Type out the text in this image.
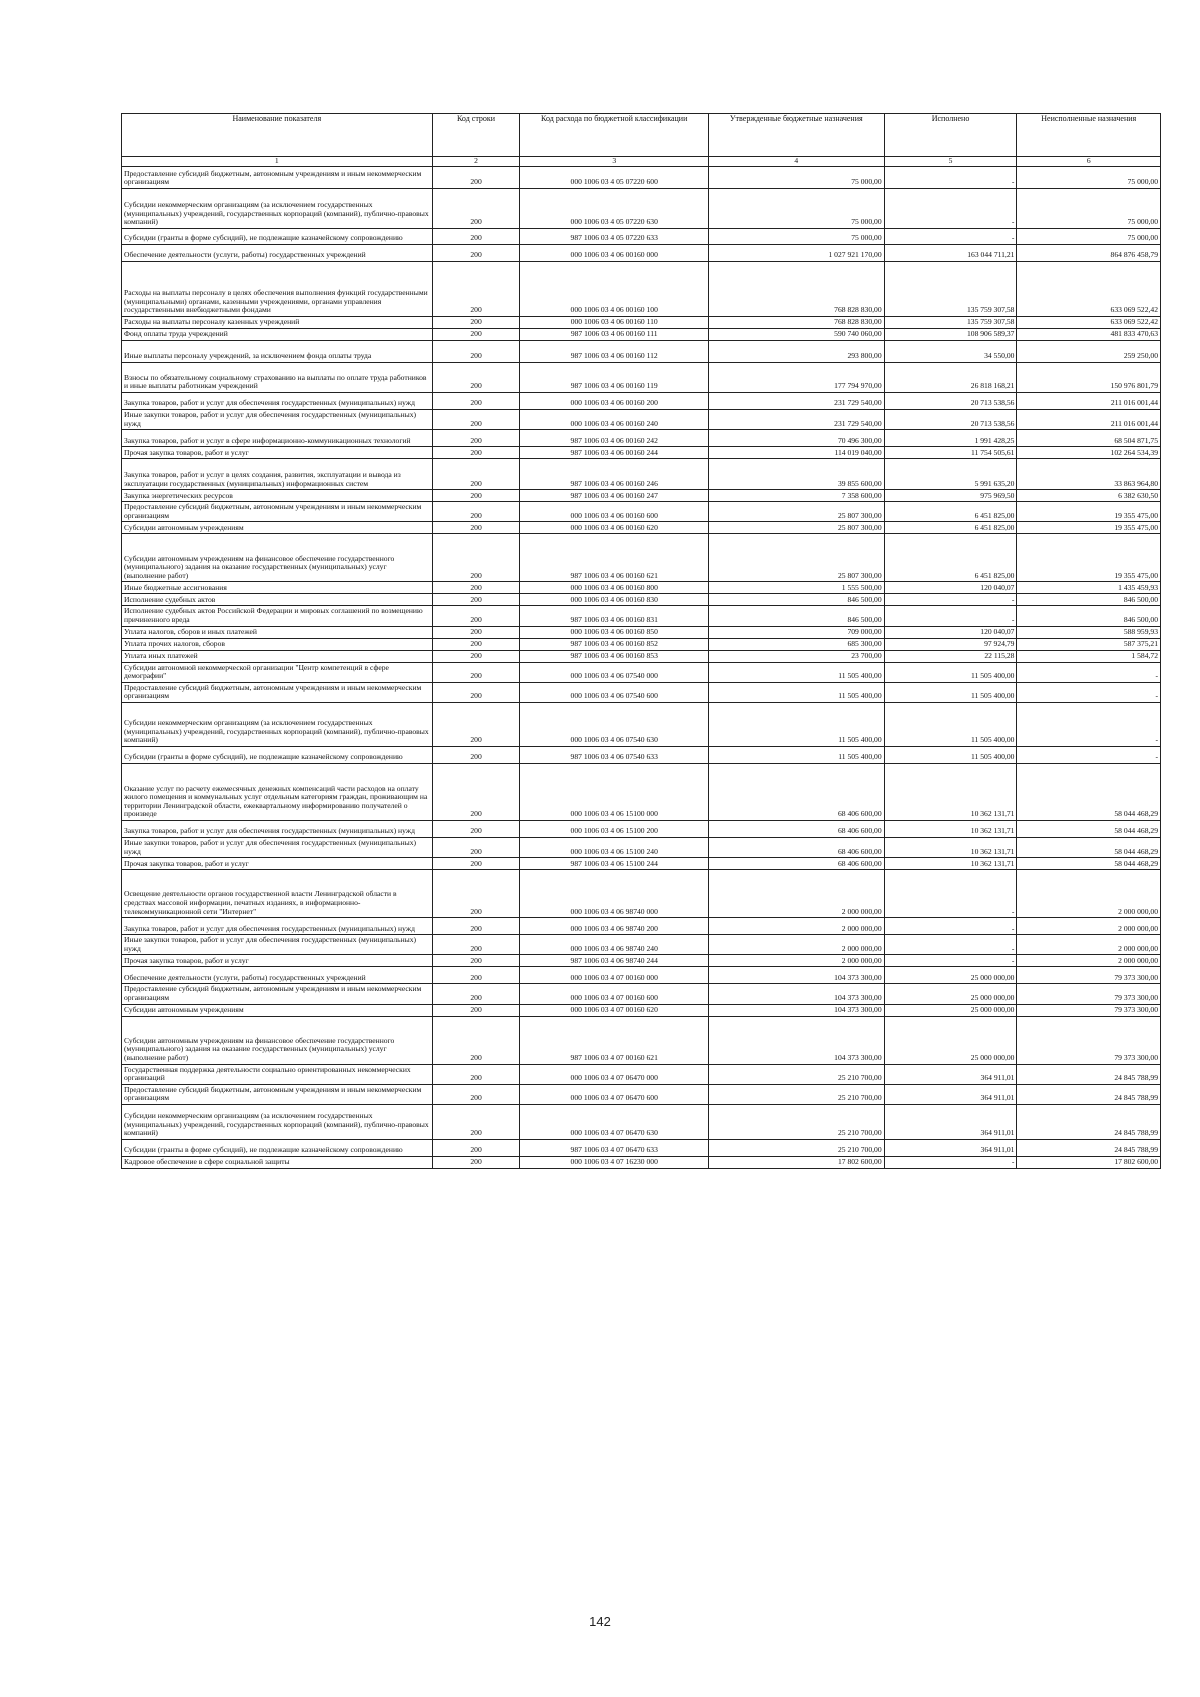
Наименование показателя	Код строки	Код расхода по бюджетной классификации	Утвержденные бюджетные назначения	Исполнено	Неисполненные назначения
1	2	3	4	5	6
Предоставление субсидий бюджетным, автономным учреждениям и иным некоммерческим организациям	200	000 1006 03 4 05 07220 600	75 000,00	-	75 000,00
Субсидии некоммерческим организациям (за исключением государственных (муниципальных) учреждений, государственных корпораций (компаний), публично-правовых компаний)	200	000 1006 03 4 05 07220 630	75 000,00	-	75 000,00
Субсидии (гранты в форме субсидий), не подлежащие казначейскому сопровождению	200	987 1006 03 4 05 07220 633	75 000,00	-	75 000,00
Обеспечение деятельности (услуги, работы) государственных учреждений	200	000 1006 03 4 06 00160 000	1 027 921 170,00	163 044 711,21	864 876 458,79
Расходы на выплаты персоналу в целях обеспечения выполнения функций государственными (муниципальными) органами, казенными учреждениями, органами управления государственными внебюджетными фондами	200	000 1006 03 4 06 00160 100	768 828 830,00	135 759 307,58	633 069 522,42
Расходы на выплаты персоналу казенных учреждений	200	000 1006 03 4 06 00160 110	768 828 830,00	135 759 307,58	633 069 522,42
Фонд оплаты труда учреждений	200	987 1006 03 4 06 00160 111	590 740 060,00	108 906 589,37	481 833 470,63
Иные выплаты персоналу учреждений, за исключением фонда оплаты труда	200	987 1006 03 4 06 00160 112	293 800,00	34 550,00	259 250,00
Взносы по обязательному социальному страхованию на выплаты по оплате труда работников и иные выплаты работникам учреждений	200	987 1006 03 4 06 00160 119	177 794 970,00	26 818 168,21	150 976 801,79
Закупка товаров, работ и услуг для обеспечения государственных (муниципальных) нужд	200	000 1006 03 4 06 00160 200	231 729 540,00	20 713 538,56	211 016 001,44
Иные закупки товаров, работ и услуг для обеспечения государственных (муниципальных) нужд	200	000 1006 03 4 06 00160 240	231 729 540,00	20 713 538,56	211 016 001,44
Закупка товаров, работ и услуг в сфере информационно-коммуникационных технологий	200	987 1006 03 4 06 00160 242	70 496 300,00	1 991 428,25	68 504 871,75
Прочая закупка товаров, работ и услуг	200	987 1006 03 4 06 00160 244	114 019 040,00	11 754 505,61	102 264 534,39
Закупка товаров, работ и услуг в целях создания, развития, эксплуатации и вывода из эксплуатации государственных (муниципальных) информационных систем	200	987 1006 03 4 06 00160 246	39 855 600,00	5 991 635,20	33 863 964,80
Закупка энергетических ресурсов	200	987 1006 03 4 06 00160 247	7 358 600,00	975 969,50	6 382 630,50
Предоставление субсидий бюджетным, автономным учреждениям и иным некоммерческим организациям	200	000 1006 03 4 06 00160 600	25 807 300,00	6 451 825,00	19 355 475,00
Субсидии автономным учреждениям	200	000 1006 03 4 06 00160 620	25 807 300,00	6 451 825,00	19 355 475,00
Субсидии автономным учреждениям на финансовое обеспечение государственного (муниципального) задания на оказание государственных (муниципальных) услуг (выполнение работ)	200	987 1006 03 4 06 00160 621	25 807 300,00	6 451 825,00	19 355 475,00
Иные бюджетные ассигнования	200	000 1006 03 4 06 00160 800	1 555 500,00	120 040,07	1 435 459,93
Исполнение судебных актов	200	000 1006 03 4 06 00160 830	846 500,00	-	846 500,00
Исполнение судебных актов Российской Федерации и мировых соглашений по возмещению причиненного вреда	200	987 1006 03 4 06 00160 831	846 500,00	-	846 500,00
Уплата налогов, сборов и иных платежей	200	000 1006 03 4 06 00160 850	709 000,00	120 040,07	588 959,93
Уплата прочих налогов, сборов	200	987 1006 03 4 06 00160 852	685 300,00	97 924,79	587 375,21
Уплата иных платежей	200	987 1006 03 4 06 00160 853	23 700,00	22 115,28	1 584,72
Субсидии автономной некоммерческой организации "Центр компетенций в сфере демографии"	200	000 1006 03 4 06 07540 000	11 505 400,00	11 505 400,00	-
Предоставление субсидий бюджетным, автономным учреждениям и иным некоммерческим организациям	200	000 1006 03 4 06 07540 600	11 505 400,00	11 505 400,00	-
Субсидии некоммерческим организациям (за исключением государственных (муниципальных) учреждений, государственных корпораций (компаний), публично-правовых компаний)	200	000 1006 03 4 06 07540 630	11 505 400,00	11 505 400,00	-
Субсидии (гранты в форме субсидий), не подлежащие казначейскому сопровождению	200	987 1006 03 4 06 07540 633	11 505 400,00	11 505 400,00	-
Оказание услуг по расчету ежемесячных денежных компенсаций части расходов на оплату жилого помещения и коммунальных услуг отдельным категориям граждан, проживающим на территории Ленинградской области, ежеквартальному информированию получателей о произведе	200	000 1006 03 4 06 15100 000	68 406 600,00	10 362 131,71	58 044 468,29
Закупка товаров, работ и услуг для обеспечения государственных (муниципальных) нужд	200	000 1006 03 4 06 15100 200	68 406 600,00	10 362 131,71	58 044 468,29
Иные закупки товаров, работ и услуг для обеспечения государственных (муниципальных) нужд	200	000 1006 03 4 06 15100 240	68 406 600,00	10 362 131,71	58 044 468,29
Прочая закупка товаров, работ и услуг	200	987 1006 03 4 06 15100 244	68 406 600,00	10 362 131,71	58 044 468,29
Освещение деятельности органов государственной власти Ленинградской области в средствах массовой информации, печатных изданиях, в информационно-телекоммуникационной сети "Интернет"	200	000 1006 03 4 06 98740 000	2 000 000,00	-	2 000 000,00
Закупка товаров, работ и услуг для обеспечения государственных (муниципальных) нужд	200	000 1006 03 4 06 98740 200	2 000 000,00	-	2 000 000,00
Иные закупки товаров, работ и услуг для обеспечения государственных (муниципальных) нужд	200	000 1006 03 4 06 98740 240	2 000 000,00	-	2 000 000,00
Прочая закупка товаров, работ и услуг	200	987 1006 03 4 06 98740 244	2 000 000,00	-	2 000 000,00
Обеспечение деятельности (услуги, работы) государственных учреждений	200	000 1006 03 4 07 00160 000	104 373 300,00	25 000 000,00	79 373 300,00
Предоставление субсидий бюджетным, автономным учреждениям и иным некоммерческим организациям	200	000 1006 03 4 07 00160 600	104 373 300,00	25 000 000,00	79 373 300,00
Субсидии автономным учреждениям	200	000 1006 03 4 07 00160 620	104 373 300,00	25 000 000,00	79 373 300,00
Субсидии автономным учреждениям на финансовое обеспечение государственного (муниципального) задания на оказание государственных (муниципальных) услуг (выполнение работ)	200	987 1006 03 4 07 00160 621	104 373 300,00	25 000 000,00	79 373 300,00
Государственная поддержка деятельности социально ориентированных некоммерческих организаций	200	000 1006 03 4 07 06470 000	25 210 700,00	364 911,01	24 845 788,99
Предоставление субсидий бюджетным, автономным учреждениям и иным некоммерческим организациям	200	000 1006 03 4 07 06470 600	25 210 700,00	364 911,01	24 845 788,99
Субсидии некоммерческим организациям (за исключением государственных (муниципальных) учреждений, государственных корпораций (компаний), публично-правовых компаний)	200	000 1006 03 4 07 06470 630	25 210 700,00	364 911,01	24 845 788,99
Субсидии (гранты в форме субсидий), не подлежащие казначейскому сопровождению	200	987 1006 03 4 07 06470 633	25 210 700,00	364 911,01	24 845 788,99
Кадровое обеспечение в сфере социальной защиты	200	000 1006 03 4 07 16230 000	17 802 600,00	-	17 802 600,00
142
